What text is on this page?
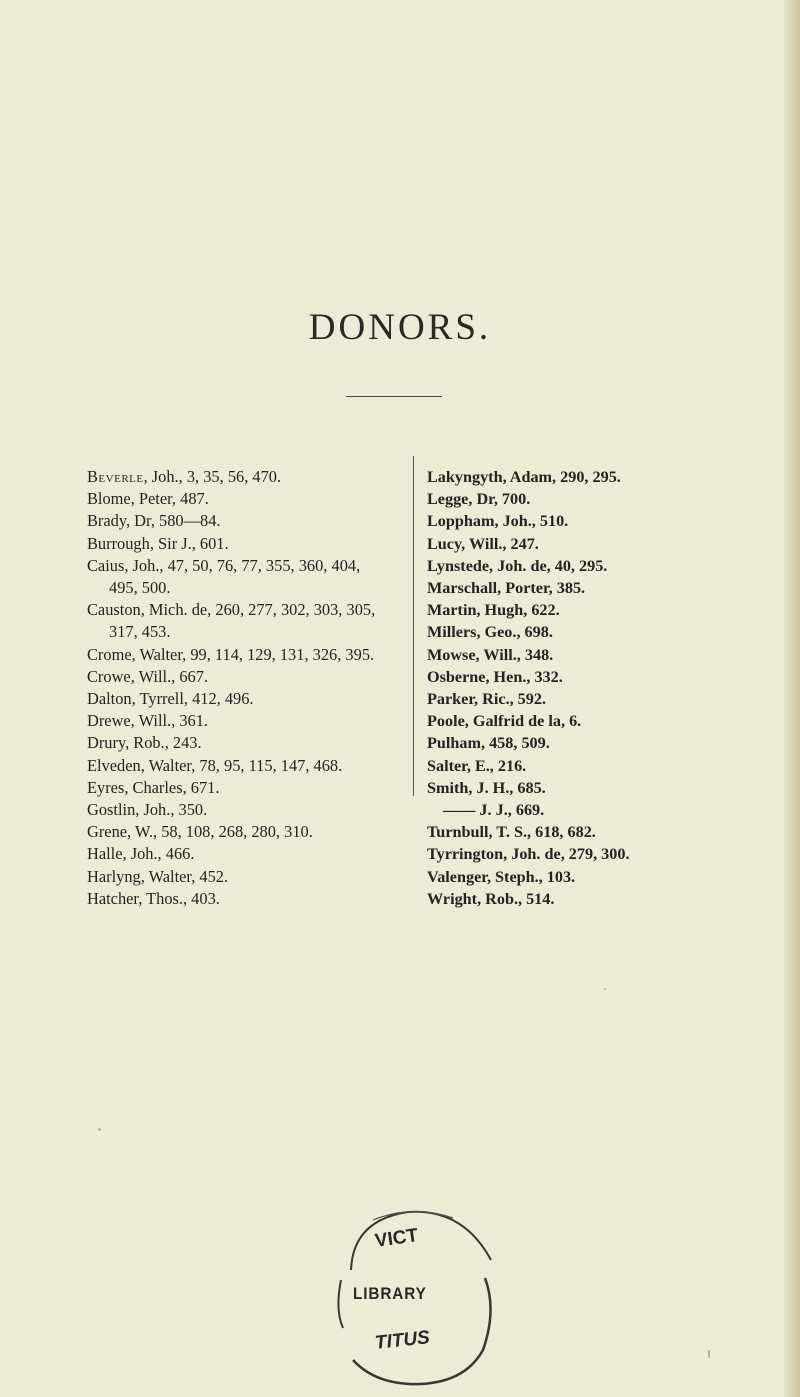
DONORS.

Beverle, Joh., 3, 35, 56, 470.

Blome, Peter, 487.

Brady, Dr, 580—84.

Burrough, Sir J., 601.

Caius, Joh., 47, 50, 76, 77, 355, 360, 404, 495, 500.

Causton, Mich. de, 260, 277, 302, 303, 305, 317, 453.

Crome, Walter, 99, 114, 129, 131, 326, 395.

Crowe, Will., 667.

Dalton, Tyrrell, 412, 496.

Drewe, Will., 361.

Drury, Rob., 243.

Elveden, Walter, 78, 95, 115, 147, 468.

Eyres, Charles, 671.

Gostlin, Joh., 350.

Grene, W., 58, 108, 268, 280, 310.

Halle, Joh., 466.

Harlyng, Walter, 452.

Hatcher, Thos., 403.

Lakyngyth, Adam, 290, 295.

Legge, Dr, 700.

Loppham, Joh., 510.

Lucy, Will., 247.

Lynstede, Joh. de, 40, 295.

Marschall, Porter, 385.

Martin, Hugh, 622.

Millers, Geo., 698.

Mowse, Will., 348.

Osberne, Hen., 332.

Parker, Ric., 592.

Poole, Galfrid de la, 6.

Pulham, 458, 509.

Salter, E., 216.

Smith, J. H., 685.

—— J. J., 669.

Turnbull, T. S., 618, 682.

Tyrrington, Joh. de, 279, 300.

Valenger, Steph., 103.

Wright, Rob., 514.

VICT
LIBRARY
TITUS
